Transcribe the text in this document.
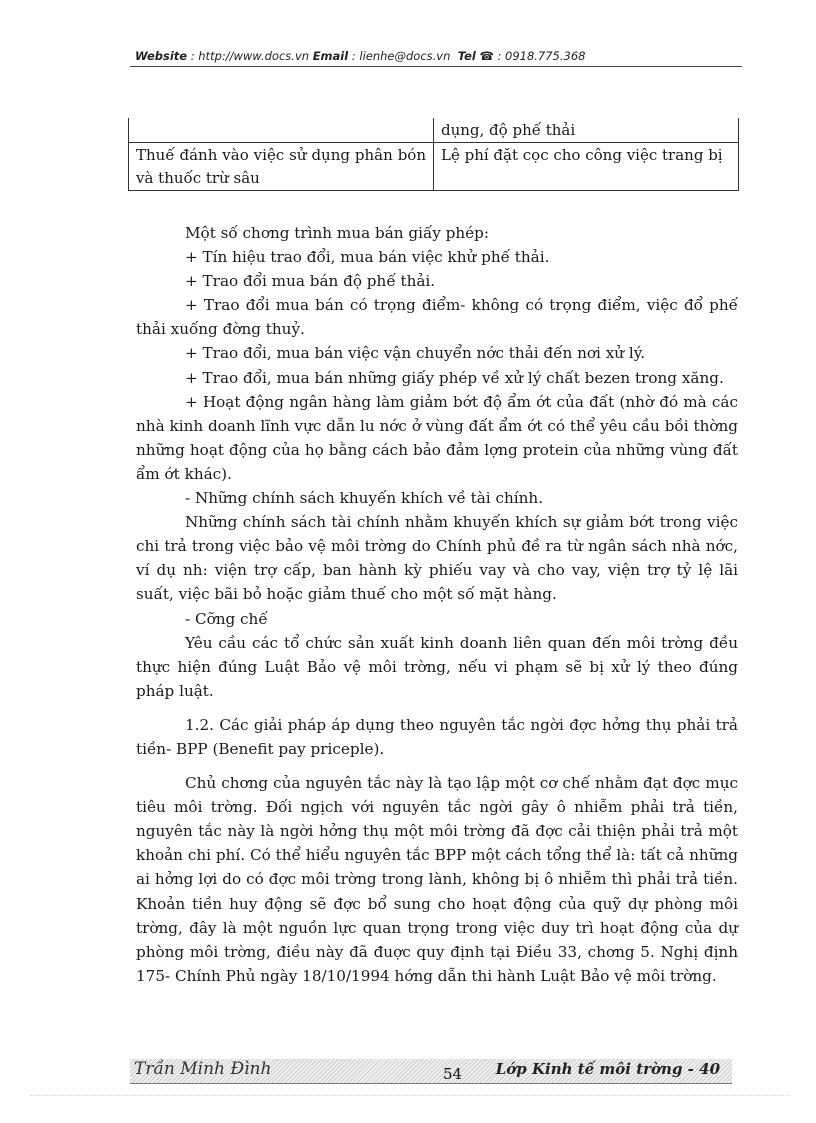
Website : http://www.docs.vn Email : lienhe@docs.vn Tel ☎ : 0918.775.368
	dụng, độ phế thải
Thuế đánh vào việc sử dụng phân bón và thuốc trừ sâu	Lệ phí đặt cọc cho công việc trang bị

Một số chơng trình mua bán giấy phép:

+ Tín hiệu trao đổi, mua bán việc khử phế thải.

+ Trao đổi mua bán độ phế thải.

+ Trao đổi mua bán có trọng điểm- không có trọng điểm, việc đổ phế thải xuống đờng thuỷ.

+ Trao đổi, mua bán việc vận chuyển nớc thải đến nơi xử lý.

+ Trao đổi, mua bán những giấy phép về xử lý chất bezen trong xăng.

+ Hoạt động ngân hàng làm giảm bớt độ ẩm ớt của đất (nhờ đó mà các nhà kinh doanh lĩnh vực dẫn lu nớc ở vùng đất ẩm ớt có thể yêu cầu bồi thờng những hoạt động của họ bằng cách bảo đảm lợng protein của những vùng đất ẩm ớt khác).

- Những chính sách khuyến khích về tài chính.

Những chính sách tài chính nhằm khuyến khích sự giảm bớt trong việc chi trả trong việc bảo vệ môi trờng do Chính phủ đề ra từ ngân sách nhà nớc, ví dụ nh: viện trợ cấp, ban hành kỳ phiếu vay và cho vay, viện trợ tỷ lệ lãi suất, việc bãi bỏ hoặc giảm thuế cho một số mặt hàng.

- Cỡng chế

Yêu cầu các tổ chức sản xuất kinh doanh liên quan đến môi trờng đều thực hiện đúng Luật Bảo vệ môi trờng, nếu vi phạm sẽ bị xử lý theo đúng pháp luật.

1.2. Các giải pháp áp dụng theo nguyên tắc ngời đợc hởng thụ phải trả tiền- BPP (Benefit pay priceple).

Chủ chơng của nguyên tắc này là tạo lập một cơ chế nhằm đạt đợc mục tiêu môi trờng. Đối ngịch với nguyên tắc ngời gây ô nhiễm phải trả tiền, nguyên tắc này là ngời hởng thụ một môi trờng đã đợc cải thiện phải trả một khoản chi phí. Có thể hiểu nguyên tắc BPP một cách tổng thể là: tất cả những ai hởng lợi do có đợc môi trờng trong lành, không bị ô nhiễm thì phải trả tiền. Khoản tiền huy động sẽ đợc bổ sung cho hoạt động của quỹ dự phòng môi trờng, đây là một nguồn lực quan trọng trong việc duy trì hoạt động của dự phòng môi trờng, điều này đã đuợc quy định tại Điều 33, chơng 5. Nghị định 175- Chính Phủ ngày 18/10/1994 hớng dẫn thi hành Luật Bảo vệ môi trờng.

Trần Minh Đình	54 Lớp Kinh tế môi trờng - 40
